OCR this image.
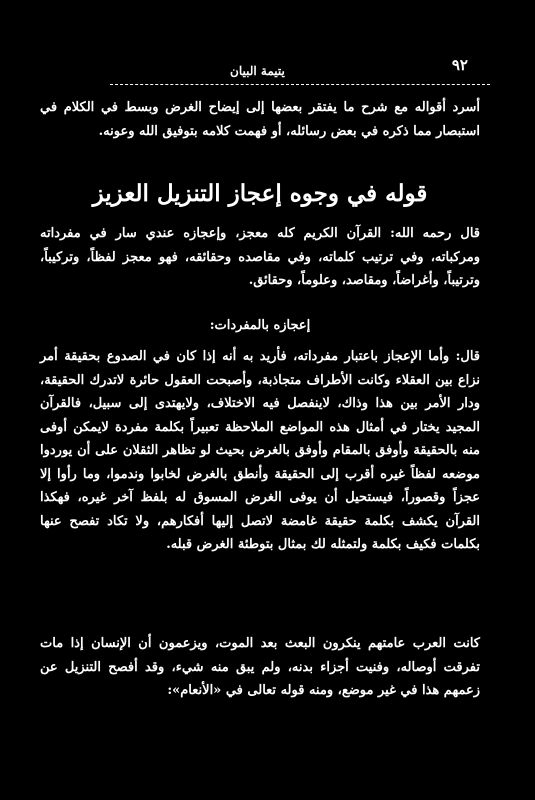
٩٢
يتيمة البيان

أسرد أقواله مع شرح ما يفتقر بعضها إلى إيضاح الغرض وبسط في الكلام في استبصار مما ذكره في بعض رسائله، أو فهمت كلامه بتوفيق الله وعونه.

قوله في وجوه إعجاز التنزيل العزيز

قال رحمه الله: القرآن الكريم كله معجز، وإعجازه عندي سار في مفرداته ومركباته، وفي ترتيب كلماته، وفي مقاصده وحقائقه، فهو معجز لفظاً، وتركيباً، وترتيباً، وأغراضاً، ومقاصد، وعلوماً، وحقائق.

إعجازه بالمفردات:

قال: وأما الإعجاز باعتبار مفرداته، فأريد به أنه إذا كان في الصدوع بحقيقة أمر نزاع بين العقلاء وكانت الأطراف متجاذبة، وأصبحت العقول حائرة لاتدرك الحقيقة، ودار الأمر بين هذا وذاك، لاينفصل فيه الاختلاف، ولايهتدى إلى سبيل، فالقرآن المجيد يختار في أمثال هذه المواضع الملاحظة تعبيراً بكلمة مفردة لايمكن أوفى منه بالحقيقة وأوفق بالمقام وأوفق بالغرض بحيث لو تظاهر الثقلان على أن يوردوا موضعه لفظاً غيره أقرب إلى الحقيقة وأنطق بالغرض لخابوا وندموا، وما رأوا إلا عجزاً وقصوراً، فيستحيل أن يوفى الغرض المسوق له بلفظ آخر غيره، فهكذا القرآن يكشف بكلمة حقيقة غامضة لاتصل إليها أفكارهم، ولا تكاد تفصح عنها بكلمات فكيف بكلمة ولتمثله لك بمثال بتوطئة الغرض قبله.

كانت العرب عامتهم ينكرون البعث بعد الموت، ويزعمون أن الإنسان إذا مات تفرقت أوصاله، وفنيت أجزاء بدنه، ولم يبق منه شيء، وقد أفصح التنزيل عن زعمهم هذا في غير موضع، ومنه قوله تعالى في «الأنعام»:
